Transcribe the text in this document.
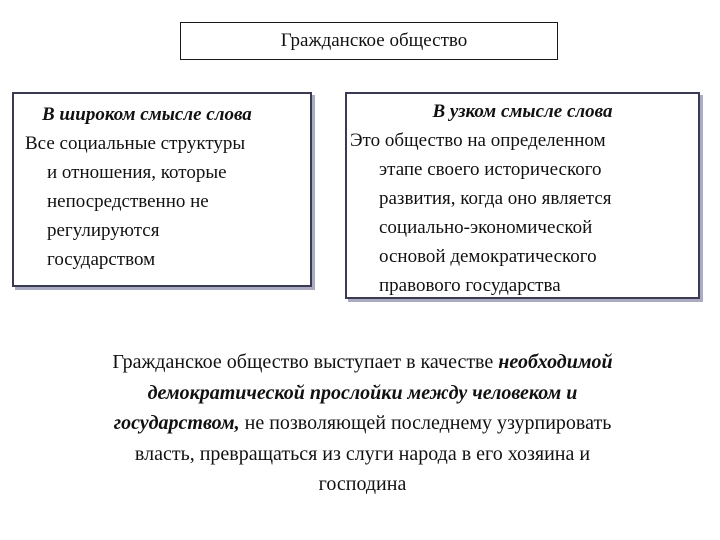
Гражданское общество
В широком смысле слова
Все социальные структуры
и отношения, которые
непосредственно не
регулируются
государством
В узком смысле слова
Это общество на определенном
этапе своего исторического
развития, когда оно является
социально-экономической
основой демократического
правового государства
Гражданское общество выступает в качестве необходимой
демократической прослойки между человеком и
государством, не позволяющей последнему узурпировать
власть, превращаться из слуги народа в его хозяина и
господина
